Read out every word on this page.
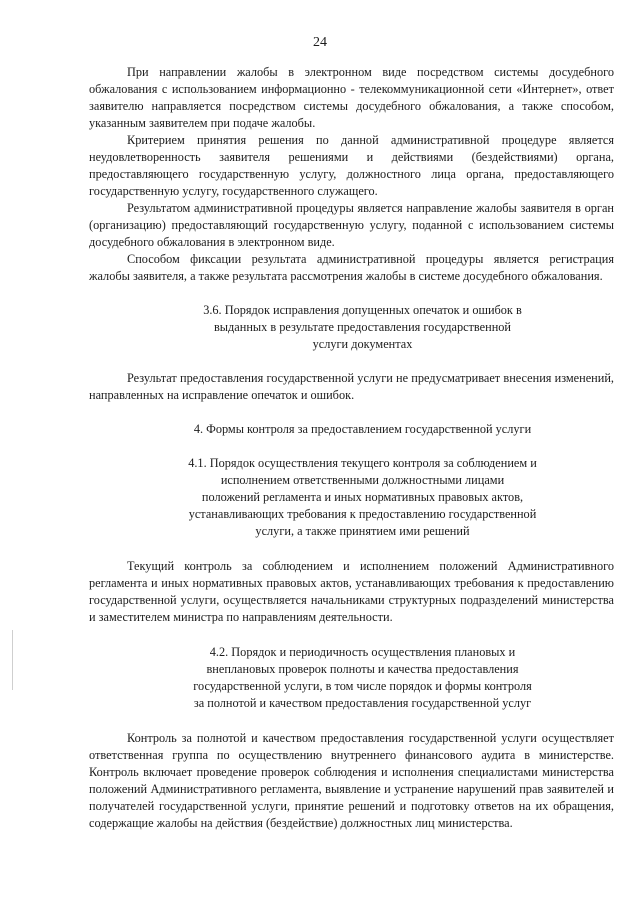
24

При направлении жалобы в электронном виде посредством системы досудебного обжалования с использованием информационно - телекоммуникационной сети «Интернет», ответ заявителю направляется посредством системы досудебного обжалования, а также способом, указанным заявителем при подаче жалобы.

Критерием принятия решения по данной административной процедуре является неудовлетворенность заявителя решениями и действиями (бездействиями) органа, предоставляющего государственную услугу, должностного лица органа, предоставляющего государственную услугу, государственного служащего.

Результатом административной процедуры является направление жалобы заявителя в орган (организацию) предоставляющий государственную услугу, поданной с использованием системы досудебного обжалования в электронном виде.

Способом фиксации результата административной процедуры является регистрация жалобы заявителя, а также результата рассмотрения жалобы в системе досудебного обжалования.

3.6. Порядок исправления допущенных опечаток и ошибок в
выданных в результате предоставления государственной
услуги документах

Результат предоставления государственной услуги не предусматривает внесения изменений, направленных на исправление опечаток и ошибок.

4. Формы контроля за предоставлением государственной услуги

4.1. Порядок осуществления текущего контроля за соблюдением и
исполнением ответственными должностными лицами
положений регламента и иных нормативных правовых актов,
устанавливающих требования к предоставлению государственной
услуги, а также принятием ими решений

Текущий контроль за соблюдением и исполнением положений Административного регламента и иных нормативных правовых актов, устанавливающих требования к предоставлению государственной услуги, осуществляется начальниками структурных подразделений министерства и заместителем министра по направлениям деятельности.

4.2. Порядок и периодичность осуществления плановых и
внеплановых проверок полноты и качества предоставления
государственной услуги, в том числе порядок и формы контроля
за полнотой и качеством предоставления государственной услуг

Контроль за полнотой и качеством предоставления государственной услуги осуществляет ответственная группа по осуществлению внутреннего финансового аудита в министерстве. Контроль включает проведение проверок соблюдения и исполнения специалистами министерства положений Административного регламента, выявление и устранение нарушений прав заявителей и получателей государственной услуги, принятие решений и подготовку ответов на их обращения, содержащие жалобы на действия (бездействие) должностных лиц министерства.
